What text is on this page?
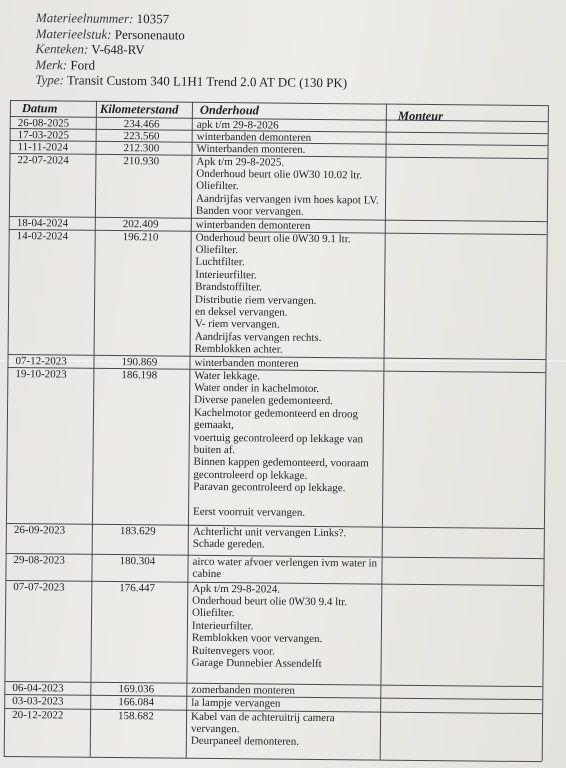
Materieelnummer: 10357
Materieelstuk: Personenauto
Kenteken: V-648-RV
Merk: Ford
Type: Transit Custom 340 L1H1 Trend 2.0 AT DC (130 PK)
Datum	Kilometerstand Onderhoud	Monteur
26-08-2025	234.466	apk t/m 29-8-2026
17-03-2025	223.560	winterbanden demonteren
11-11-2024	212.300	Winterbanden monteren.
22-07-2024	210.930	Apk t/m 29-8-2025.
Onderhoud beurt olie 0W30 10.02 ltr.
Oliefilter.
Aandrijfas vervangen ivm hoes kapot LV.
Banden voor vervangen.
18-04-2024	202.409	winterbanden demonteren
14-02-2024	196.210	Onderhoud beurt olie 0W30 9.1 ltr.
Oliefilter.
Luchtfilter.
Interieurfilter.
Brandstoffilter.
Distributie riem vervangen.
en deksel vervangen.
V- riem vervangen.
Aandrijfas vervangen rechts.
Remblokken achter.
07-12-2023	190.869	winterbanden monteren
19-10-2023	186.198	Water lekkage.
Water onder in kachelmotor.
Diverse panelen gedemonteerd.
Kachelmotor gedemonteerd en droog
gemaakt,
voertuig gecontroleerd op lekkage van
buiten af.
Binnen kappen gedemonteerd, vooraam
gecontroleerd op lekkage.
Paravan gecontroleerd op lekkage.

Eerst voorruit vervangen.
26-09-2023	183.629	Achterlicht unit vervangen Links?.
Schade gereden.
29-08-2023	180.304	airco water afvoer verlengen ivm water in
cabine
07-07-2023	176.447	Apk t/m 29-8-2024.
Onderhoud beurt olie 0W30 9.4 ltr.
Oliefilter.
Interieurfilter.
Remblokken voor vervangen.
Ruitenvegers voor.
Garage Dunnebier Assendelft
06-04-2023	169.036	zomerbanden monteren
03-03-2023	166.084	la lampje vervangen
20-12-2022	158.682	Kabel van de achteruitrij camera
vervangen.
Deurpaneel demonteren.
